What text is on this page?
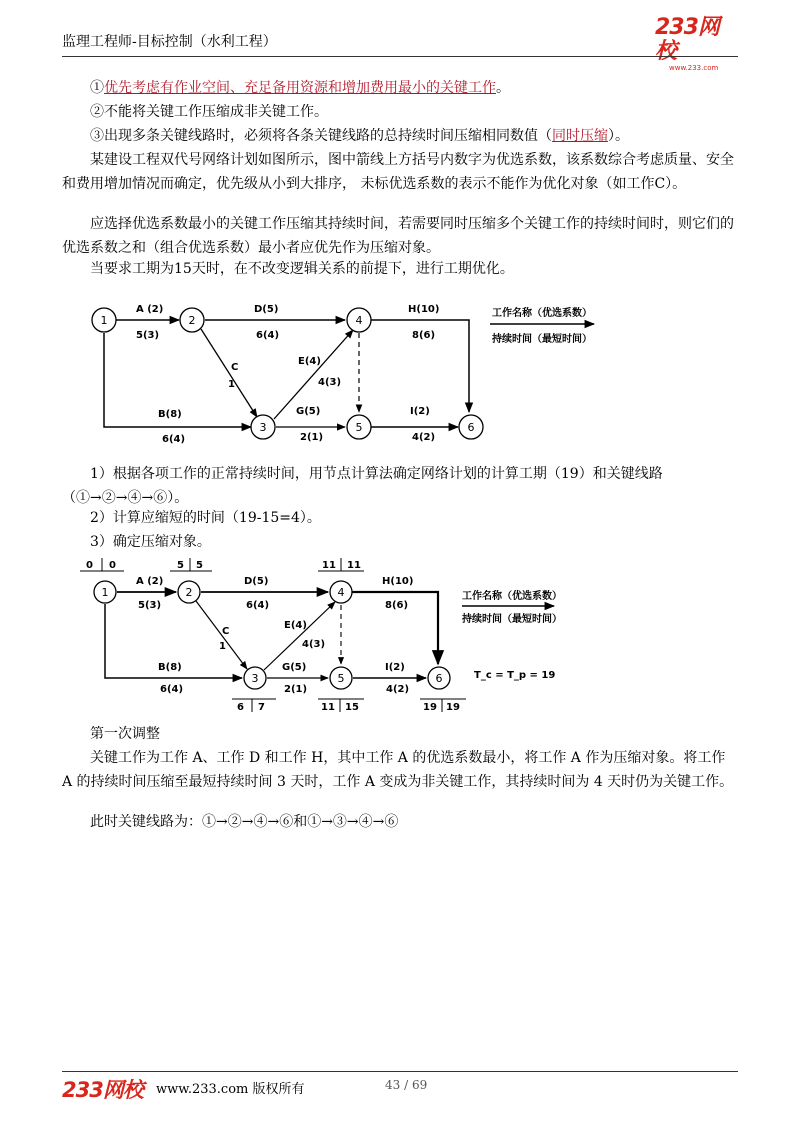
监理工程师-目标控制（水利工程）
233网校
www.233.com

①优先考虑有作业空间、充足备用资源和增加费用最小的关键工作。

②不能将关键工作压缩成非关键工作。

③出现多条关键线路时，必须将各条关键线路的总持续时间压缩相同数值（同时压缩）。

某建设工程双代号网络计划如图所示，图中箭线上方括号内数字为优选系数，该系数综合考虑质量、安全和费用增加情况而确定，优先级从小到大排序， 未标优选系数的表示不能作为优化对象（如工作C）。

应选择优选系数最小的关键工作压缩其持续时间，若需要同时压缩多个关键工作的持续时间时，则它们的优选系数之和（组合优选系数）最小者应优先作为压缩对象。

当要求工期为15天时，在不改变逻辑关系的前提下，进行工期优化。

工作名称（优选系数）
持续时间（最短时间）
A (2)
5(3)
D(5)
6(4)
H(10)
8(6)
C
1
E(4)
4(3)
B(8)
6(4)
G(5)
2(1)
I(2)
4(2)
1	2
3
4
5	6

1）根据各项工作的正常持续时间，用节点计算法确定网络计划的计算工期（19）和关键线路（①→②→④→⑥）。

2）计算应缩短的时间（19-15=4）。

3）确定压缩对象。

0 0	5 5	11 11
6 7	11 15	19 19
工作名称（优选系数）
持续时间（最短时间）
T_c = T_p = 19
A (2)
5(3)
D(5)
6(4)
H(10)
8(6)
C
1
E(4)
4(3)
B(8)
6(4)
G(5)
2(1)
I(2)
4(2)
1	2
3
4
5	6

第一次调整

关键工作为工作 A、工作 D 和工作 H，其中工作 A 的优选系数最小，将工作 A 作为压缩对象。将工作 A 的持续时间压缩至最短持续时间 3 天时，工作 A 变成为非关键工作，其持续时间为 4 天时仍为关键工作。

此时关键线路为：①→②→④→⑥和①→③→④→⑥

233网校 www.233.com 版权所有	43 / 69
